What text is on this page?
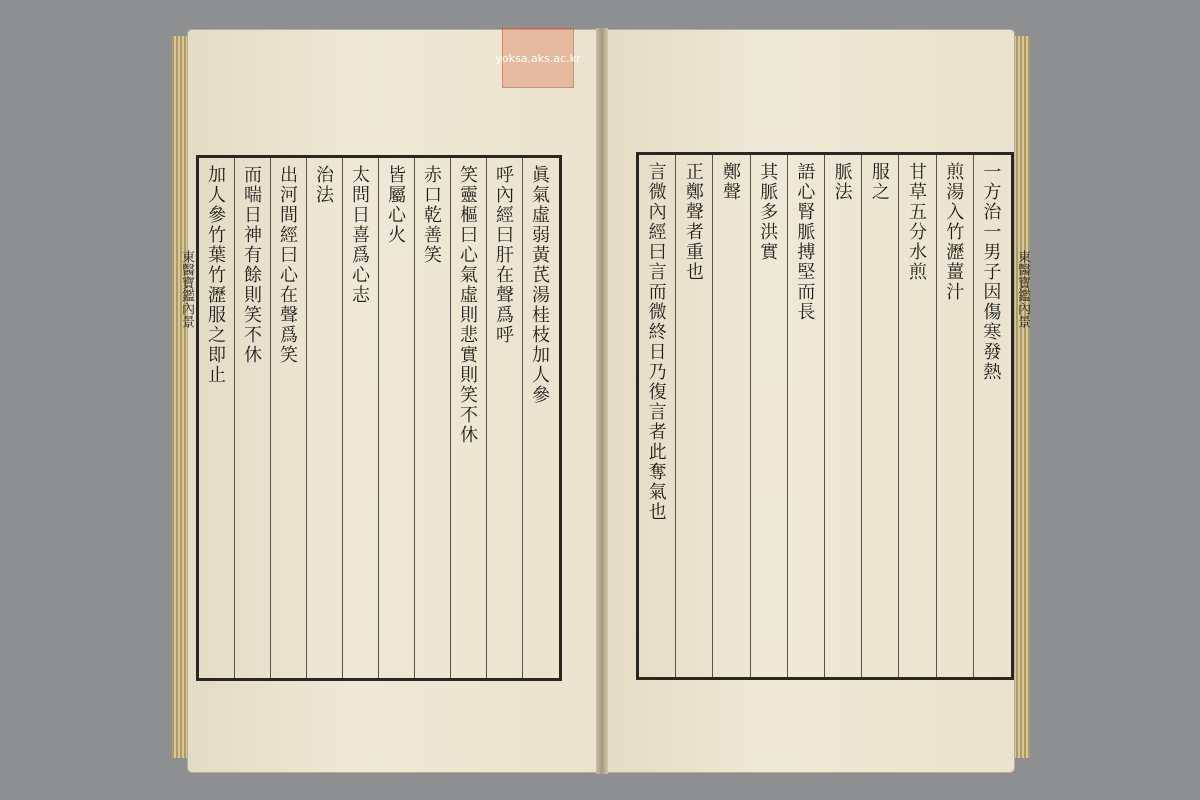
yoksa.aks.ac.kr
東醫寶鑑內景	東醫寶鑑內景
眞
氣
虛
弱
黃
芪
湯
桂
枝
加
人
參
呼
內
經
曰
肝
在
聲
爲
呼
笑
靈
樞
曰
心
氣
虛
則
悲
實
則
笑
不
休
赤
口
乾
善
笑
皆
屬
心
火
太
問
日
喜
爲
心
志
治
法
出
河
間
經
曰
心
在
聲
爲
笑
而
喘
日
神
有
餘
則
笑
不
休
加
人
參
竹
葉
竹
瀝
服
之
即
止
一
方
治
一
男
子
因
傷
寒
發
熱
煎
湯
入
竹
瀝
薑
汁
甘
草
五
分
水
煎
服
之
脈
法
語
心
腎
脈
搏
堅
而
長
其
脈
多
洪
實
鄭
聲
正
鄭
聲
者
重
也
言
微
內
經
曰
言
而
微
終
日
乃
復
言
者
此
奪
氣
也
